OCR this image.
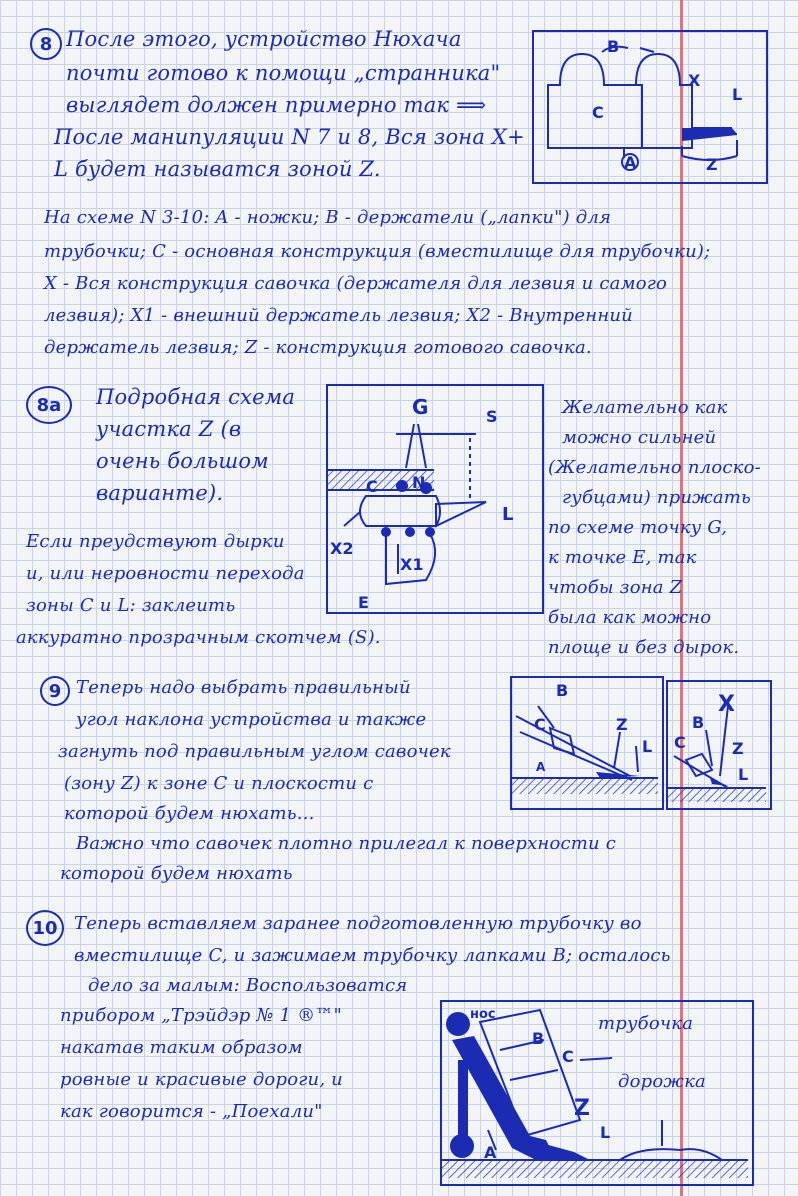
8 После этого, устройство Нюхача
почти готово к помощи „странника"
выглядет должен примерно так ⟹
После манипуляции N 7 и 8, Вся зона X+
L будет называтся зоной Z.
B
X
L
C
A	Z
На схеме N 3-10: A - ножки; B - держатели („лапки") для
трубочки; C - основная конструкция (вместилище для трубочки);
X - Вся конструкция савочка (держателя для лезвия и самого
лезвия); X1 - внешний держатель лезвия; X2 - Внутренний
держатель лезвия; Z - конструкция готового савочка.
8a	Подробная схема
участка Z (в
очень большом
варианте).
Если преудствуют дырки
и, или неровности перехода
зоны C и L: заклеить
аккуратно прозрачным скотчем (S).
G	S
C N
L
X2
X1
E
Желательно как
можно сильней
(Желательно плоско-
губцами) прижать
по схеме точку G,
к точке E, так
чтобы зона Z
была как можно
площе и без дырок.
9 Теперь надо выбрать правильный
угол наклона устройства и также
загнуть под правильным углом савочек
(зону Z) к зоне C и плоскости с
которой будем нюхать...
Важно что савочек плотно прилегал к поверхности с
которой будем нюхать
B
C	Z
L
A
B
X
C	Z
L
10 Теперь вставляем заранее подготовленную трубочку во
вместилище C, и зажимаем трубочку лапками B; осталось
дело за малым: Воспользоватся
прибором „Трэйдэр № 1 ®™"
накатав таким образом
ровные и красивые дороги, и
как говорится - „Поехали"
нос	трубочка
B
C
дорожка
Z
L
A
